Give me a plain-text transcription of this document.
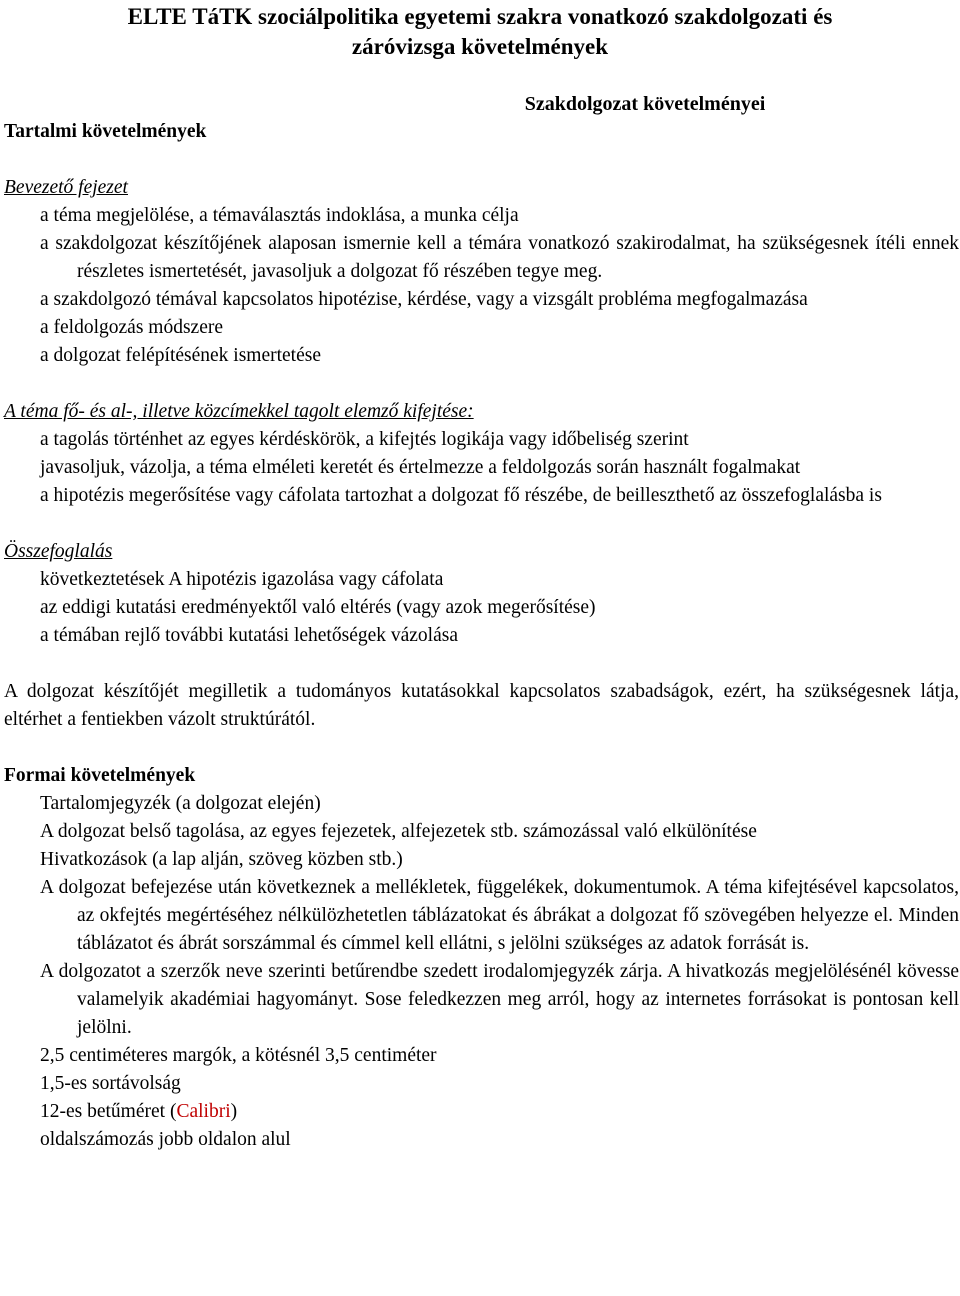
ELTE TáTK szociálpolitika egyetemi szakra vonatkozó szakdolgozati és
záróvizsga követelmények
Szakdolgozat követelményei

Tartalmi követelmények

Bevezető fejezet

a téma megjelölése, a témaválasztás indoklása, a munka célja
a szakdolgozat készítőjének alaposan ismernie kell a témára vonatkozó szakirodalmat, ha szükségesnek ítéli ennek részletes ismertetését, javasoljuk a dolgozat fő részében tegye meg.
a szakdolgozó témával kapcsolatos hipotézise, kérdése, vagy a vizsgált probléma megfogalmazása
a feldolgozás módszere
a dolgozat felépítésének ismertetése

A téma fő- és al-, illetve közcímekkel tagolt elemző kifejtése:

a tagolás történhet az egyes kérdéskörök, a kifejtés logikája vagy időbeliség szerint
javasoljuk, vázolja, a téma elméleti keretét és értelmezze a feldolgozás során használt fogalmakat
a hipotézis megerősítése vagy cáfolata tartozhat a dolgozat fő részébe, de beilleszthető az összefoglalásba is

Összefoglalás

következtetések A hipotézis igazolása vagy cáfolata
az eddigi kutatási eredményektől való eltérés (vagy azok megerősítése)
a témában rejlő további kutatási lehetőségek vázolása

A dolgozat készítőjét megilletik a tudományos kutatásokkal kapcsolatos szabadságok, ezért, ha szükségesnek látja, eltérhet a fentiekben vázolt struktúrától.

Formai követelmények

Tartalomjegyzék (a dolgozat elején)
A dolgozat belső tagolása, az egyes fejezetek, alfejezetek stb. számozással való elkülönítése
Hivatkozások (a lap alján, szöveg közben stb.)
A dolgozat befejezése után következnek a mellékletek, függelékek, dokumentumok. A téma kifejtésével kapcsolatos, az okfejtés megértéséhez nélkülözhetetlen táblázatokat és ábrákat a dolgozat fő szövegében helyezze el. Minden táblázatot és ábrát sorszámmal és címmel kell ellátni, s jelölni szükséges az adatok forrását is.
A dolgozatot a szerzők neve szerinti betűrendbe szedett irodalomjegyzék zárja. A hivatkozás megjelölésénél kövesse valamelyik akadémiai hagyományt. Sose feledkezzen meg arról, hogy az internetes forrásokat is pontosan kell jelölni.
2,5 centiméteres margók, a kötésnél 3,5 centiméter
1,5-es sortávolság
12-es betűméret (Calibri)
oldalszámozás jobb oldalon alul
